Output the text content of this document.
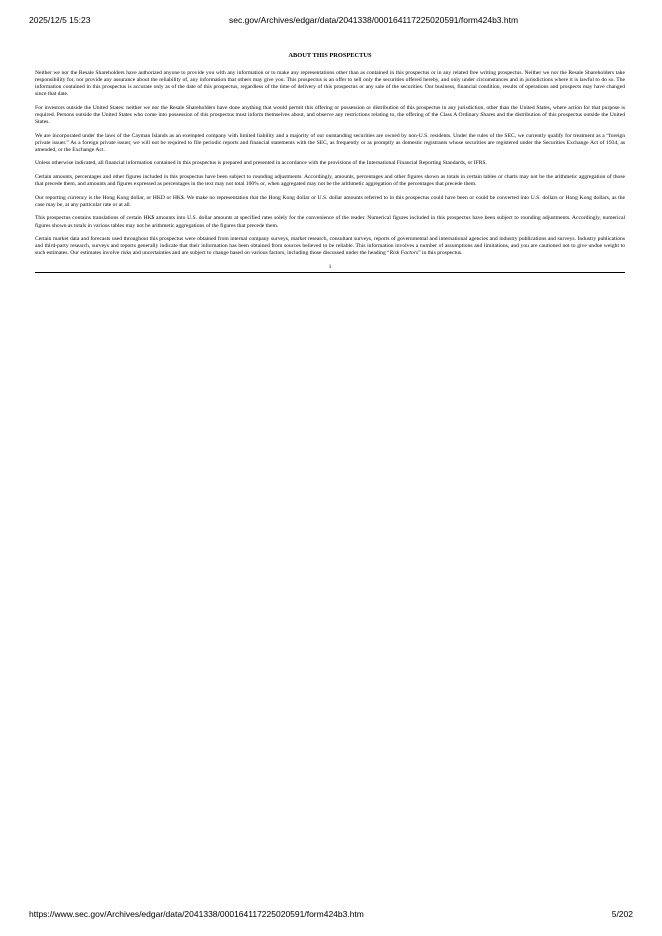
2025/12/5 15:23	sec.gov/Archives/edgar/data/2041338/000164117225020591/form424b3.htm
ABOUT THIS PROSPECTUS

Neither we nor the Resale Shareholders have authorized anyone to provide you with any information or to make any representations other than as contained in this prospectus or in any related free writing prospectus. Neither we nor the Resale Shareholders take responsibility for, nor provide any assurance about the reliability of, any information that others may give you. This prospectus is an offer to sell only the securities offered hereby, and only under circumstances and in jurisdictions where it is lawful to do so. The information contained in this prospectus is accurate only as of the date of this prospectus, regardless of the time of delivery of this prospectus or any sale of the securities. Our business, financial condition, results of operations and prospects may have changed since that date.

For investors outside the United States: neither we nor the Resale Shareholders have done anything that would permit this offering or possession or distribution of this prospectus in any jurisdiction, other than the United States, where action for that purpose is required. Persons outside the United States who come into possession of this prospectus must inform themselves about, and observe any restrictions relating to, the offering of the Class A Ordinary Shares and the distribution of this prospectus outside the United States.

We are incorporated under the laws of the Cayman Islands as an exempted company with limited liability and a majority of our outstanding securities are owned by non-U.S. residents. Under the rules of the SEC, we currently qualify for treatment as a “foreign private issuer.” As a foreign private issuer, we will not be required to file periodic reports and financial statements with the SEC, as frequently or as promptly as domestic registrants whose securities are registered under the Securities Exchange Act of 1934, as amended, or the Exchange Act.

Unless otherwise indicated, all financial information contained in this prospectus is prepared and presented in accordance with the provisions of the International Financial Reporting Standards, or IFRS.

Certain amounts, percentages and other figures included in this prospectus have been subject to rounding adjustments. Accordingly, amounts, percentages and other figures shown as totals in certain tables or charts may not be the arithmetic aggregation of those that precede them, and amounts and figures expressed as percentages in the text may not total 100% or, when aggregated may not be the arithmetic aggregation of the percentages that precede them.

Our reporting currency is the Hong Kong dollar, or HKD or HK$. We make no representation that the Hong Kong dollar or U.S. dollar amounts referred to in this prospectus could have been or could be converted into U.S. dollars or Hong Kong dollars, as the case may be, at any particular rate or at all.

This prospectus contains translations of certain HK$ amounts into U.S. dollar amounts at specified rates solely for the convenience of the reader. Numerical figures included in this prospectus have been subject to rounding adjustments. Accordingly, numerical figures shown as totals in various tables may not be arithmetic aggregations of the figures that precede them.

Certain market data and forecasts used throughout this prospectus were obtained from internal company surveys, market research, consultant surveys, reports of governmental and international agencies and industry publications and surveys. Industry publications and third-party research, surveys and reports generally indicate that their information has been obtained from sources believed to be reliable. This information involves a number of assumptions and limitations, and you are cautioned not to give undue weight to such estimates. Our estimates involve risks and uncertainties and are subject to change based on various factors, including those discussed under the heading “Risk Factors” in this prospectus.

1
https://www.sec.gov/Archives/edgar/data/2041338/000164117225020591/form424b3.htm	5/202
